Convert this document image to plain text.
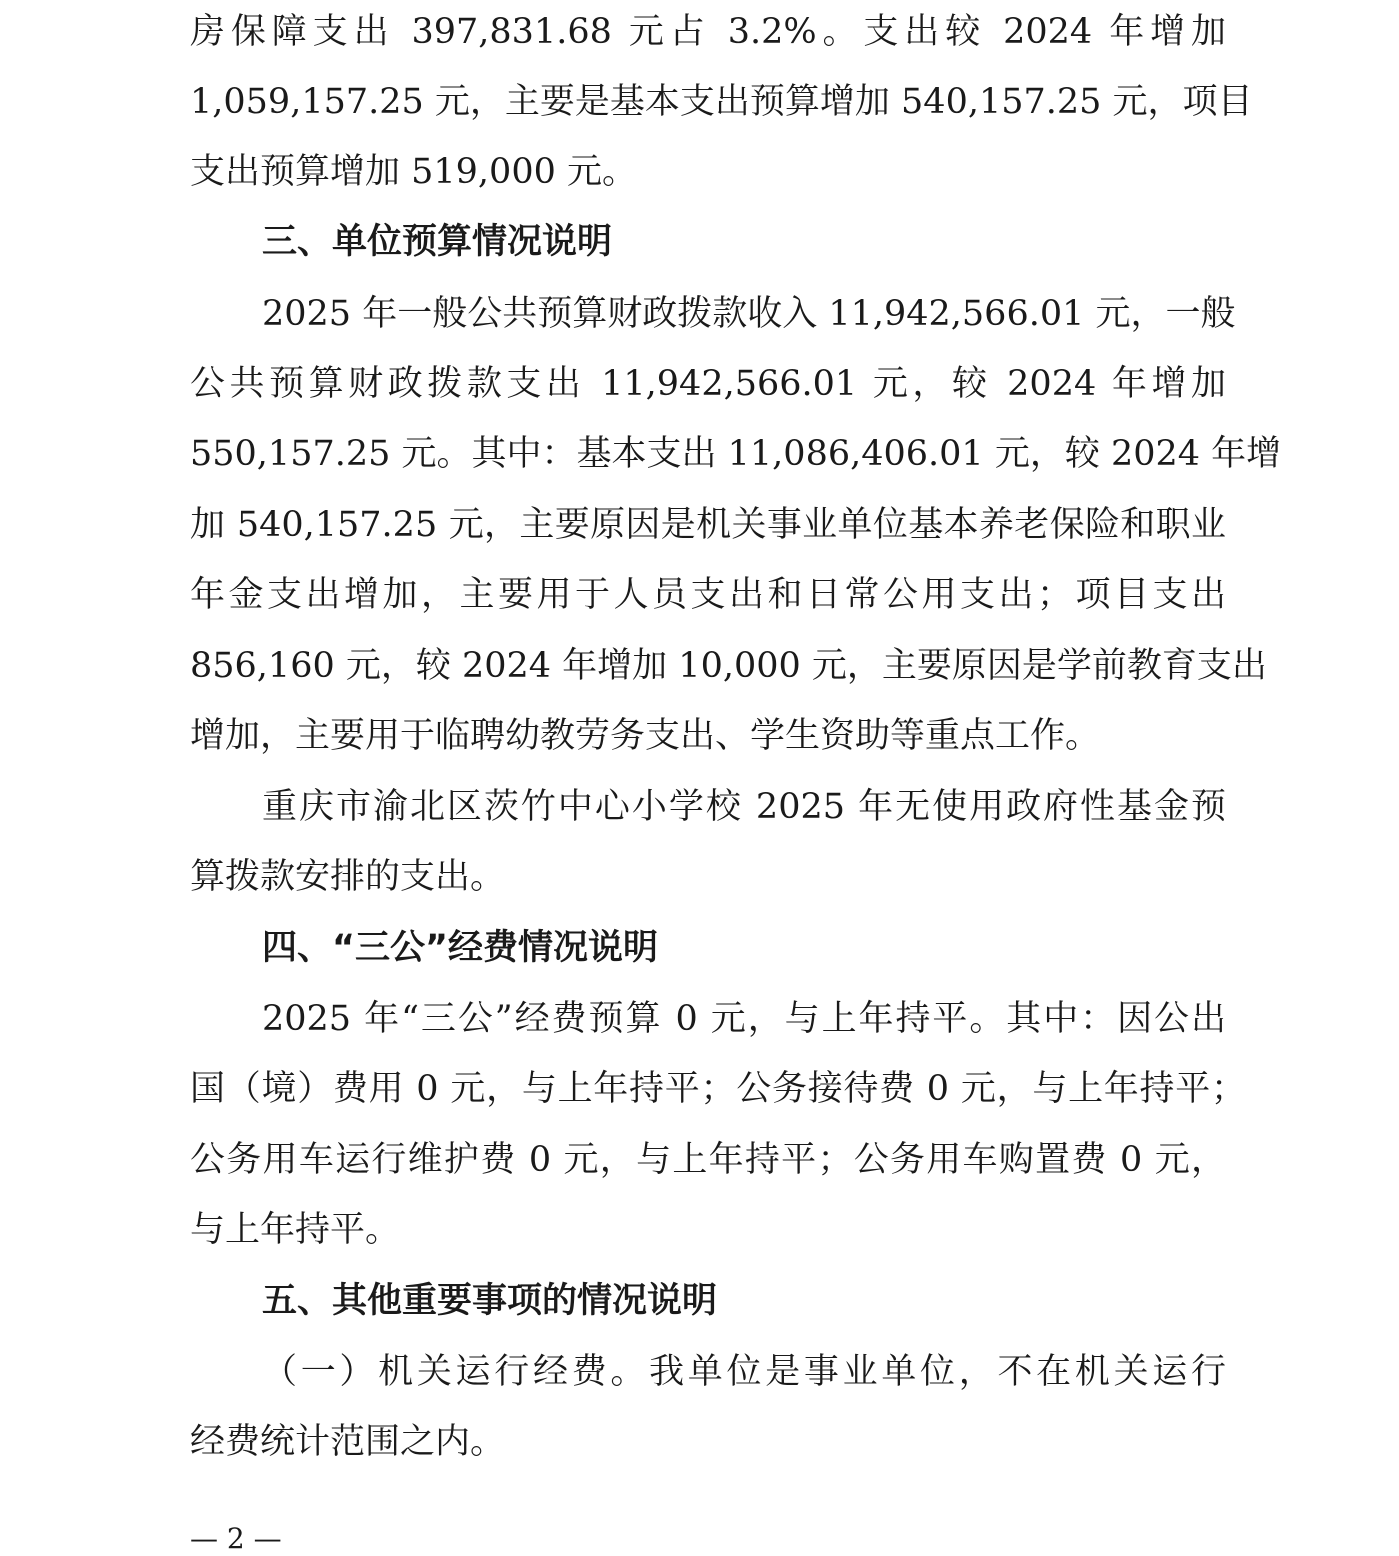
房保障支出 397,831.68 元占 3.2%。支出较 2024 年增加
1,059,157.25 元，主要是基本支出预算增加 540,157.25 元，项目
支出预算增加 519,000 元。
三、单位预算情况说明
2025 年一般公共预算财政拨款收入 11,942,566.01 元，一般
公共预算财政拨款支出 11,942,566.01 元，较 2024 年增加
550,157.25 元。其中：基本支出 11,086,406.01 元，较 2024 年增
加 540,157.25 元，主要原因是机关事业单位基本养老保险和职业
年金支出增加，主要用于人员支出和日常公用支出；项目支出
856,160 元，较 2024 年增加 10,000 元，主要原因是学前教育支出
增加，主要用于临聘幼教劳务支出、学生资助等重点工作。
重庆市渝北区茨竹中心小学校 2025 年无使用政府性基金预
算拨款安排的支出。
四、“三公”经费情况说明
2025 年“三公”经费预算 0 元，与上年持平。其中：因公出
国（境）费用 0 元，与上年持平；公务接待费 0 元，与上年持平；
公务用车运行维护费 0 元，与上年持平；公务用车购置费 0 元，
与上年持平。
五、其他重要事项的情况说明
（一）机关运行经费。我单位是事业单位，不在机关运行
经费统计范围之内。
— 2 —
